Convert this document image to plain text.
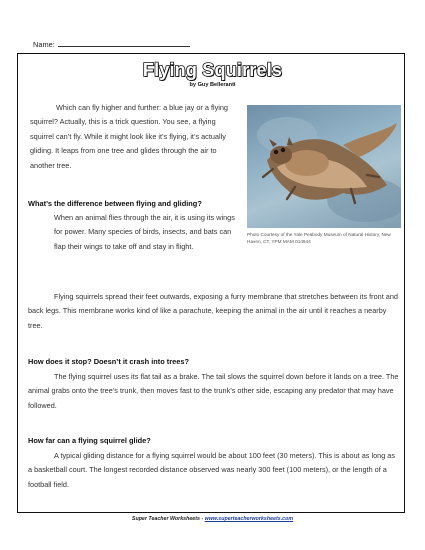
Name:
Flying Squirrels
by Guy Belleranti

Which can fly higher and further: a blue jay or a flying squirrel? Actually, this is a trick question. You see, a flying squirrel can’t fly. While it might look like it’s flying, it’s actually gliding. It leaps from one tree and glides through the air to another tree.

Photo Courtesy of the Yale Peabody Museum of Natural History, New Haven, CT, YPM MAM 014944

What’s the difference between flying and gliding?

When an animal flies through the air, it is using its wings for power. Many species of birds, insects, and bats can flap their wings to take off and stay in flight.

Flying squirrels spread their feet outwards, exposing a furry membrane that stretches between its front and back legs. This membrane works kind of like a parachute, keeping the animal in the air until it reaches a nearby tree.

How does it stop? Doesn’t it crash into trees?

The flying squirrel uses its flat tail as a brake. The tail slows the squirrel down before it lands on a tree. The animal grabs onto the tree’s trunk, then moves fast to the trunk’s other side, escaping any predator that may have followed.

How far can a flying squirrel glide?

A typical gliding distance for a flying squirrel would be about 100 feet (30 meters). This is about as long as a basketball court. The longest recorded distance observed was nearly 300 feet (100 meters), or the length of a football field.

Super Teacher Worksheets - www.superteacherworksheets.com
